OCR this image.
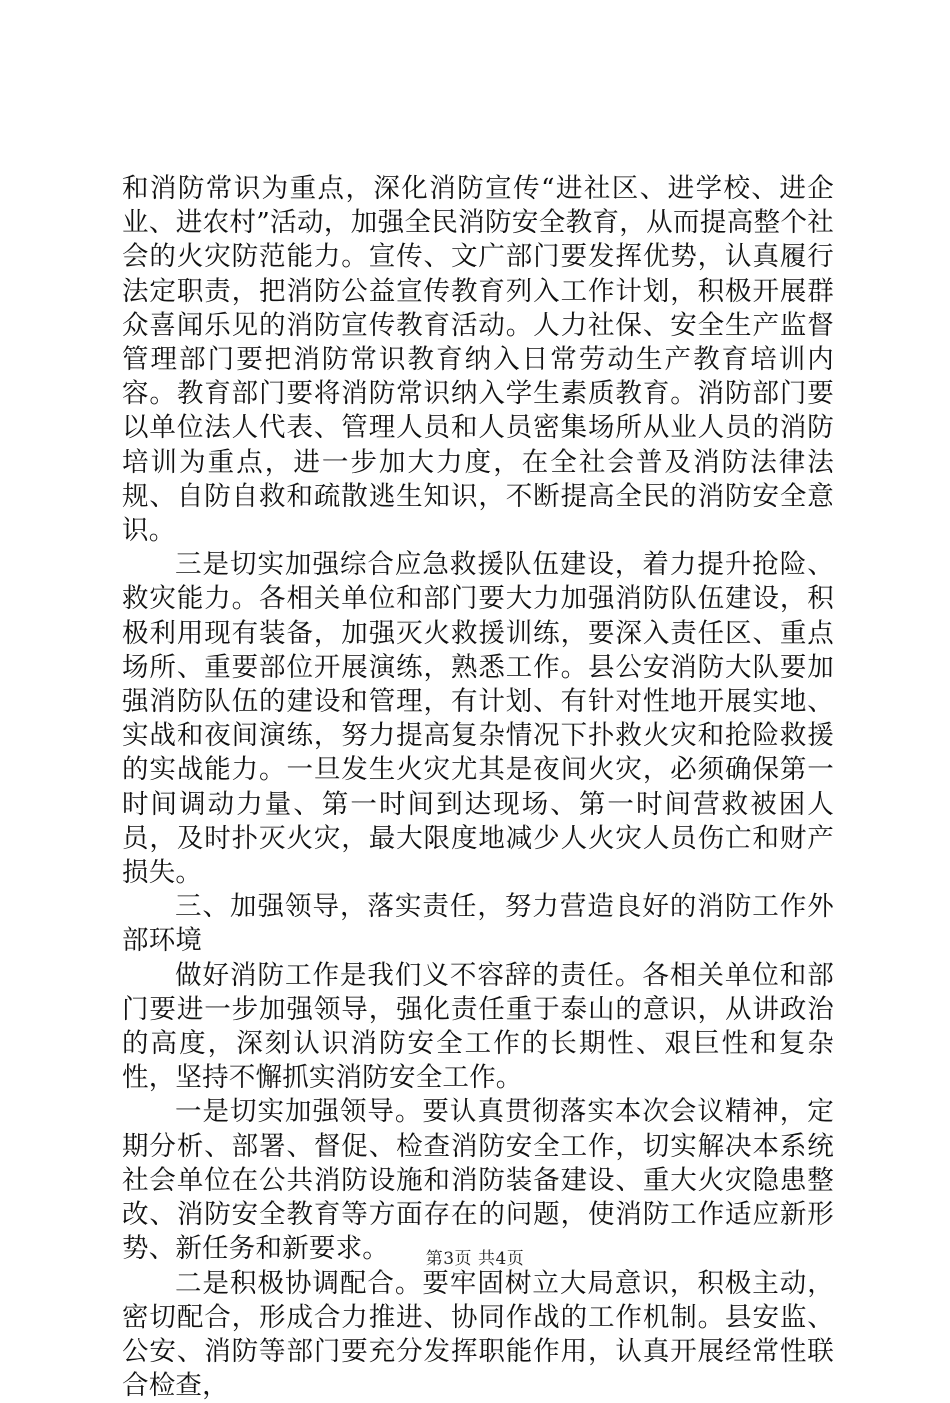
和消防常识为重点，深化消防宣传“进社区、进学校、进企业、进农村”活动，加强全民消防安全教育，从而提高整个社会的火灾防范能力。宣传、文广部门要发挥优势，认真履行法定职责，把消防公益宣传教育列入工作计划，积极开展群众喜闻乐见的消防宣传教育活动。人力社保、安全生产监督管理部门要把消防常识教育纳入日常劳动生产教育培训内容。教育部门要将消防常识纳入学生素质教育。消防部门要以单位法人代表、管理人员和人员密集场所从业人员的消防培训为重点，进一步加大力度，在全社会普及消防法律法规、自防自救和疏散逃生知识，不断提高全民的消防安全意识。

三是切实加强综合应急救援队伍建设，着力提升抢险、救灾能力。各相关单位和部门要大力加强消防队伍建设，积极利用现有装备，加强灭火救援训练，要深入责任区、重点场所、重要部位开展演练，熟悉工作。县公安消防大队要加强消防队伍的建设和管理，有计划、有针对性地开展实地、实战和夜间演练，努力提高复杂情况下扑救火灾和抢险救援的实战能力。一旦发生火灾尤其是夜间火灾，必须确保第一时间调动力量、第一时间到达现场、第一时间营救被困人员，及时扑灭火灾，最大限度地减少人火灾人员伤亡和财产损失。

三、加强领导，落实责任，努力营造良好的消防工作外部环境

做好消防工作是我们义不容辞的责任。各相关单位和部门要进一步加强领导，强化责任重于泰山的意识，从讲政治的高度，深刻认识消防安全工作的长期性、艰巨性和复杂性，坚持不懈抓实消防安全工作。

一是切实加强领导。要认真贯彻落实本次会议精神，定期分析、部署、督促、检查消防安全工作，切实解决本系统社会单位在公共消防设施和消防装备建设、重大火灾隐患整改、消防安全教育等方面存在的问题，使消防工作适应新形势、新任务和新要求。

二是积极协调配合。要牢固树立大局意识，积极主动，密切配合，形成合力推进、协同作战的工作机制。县安监、公安、消防等部门要充分发挥职能作用，认真开展经常性联合检查，

第3页 共4页
